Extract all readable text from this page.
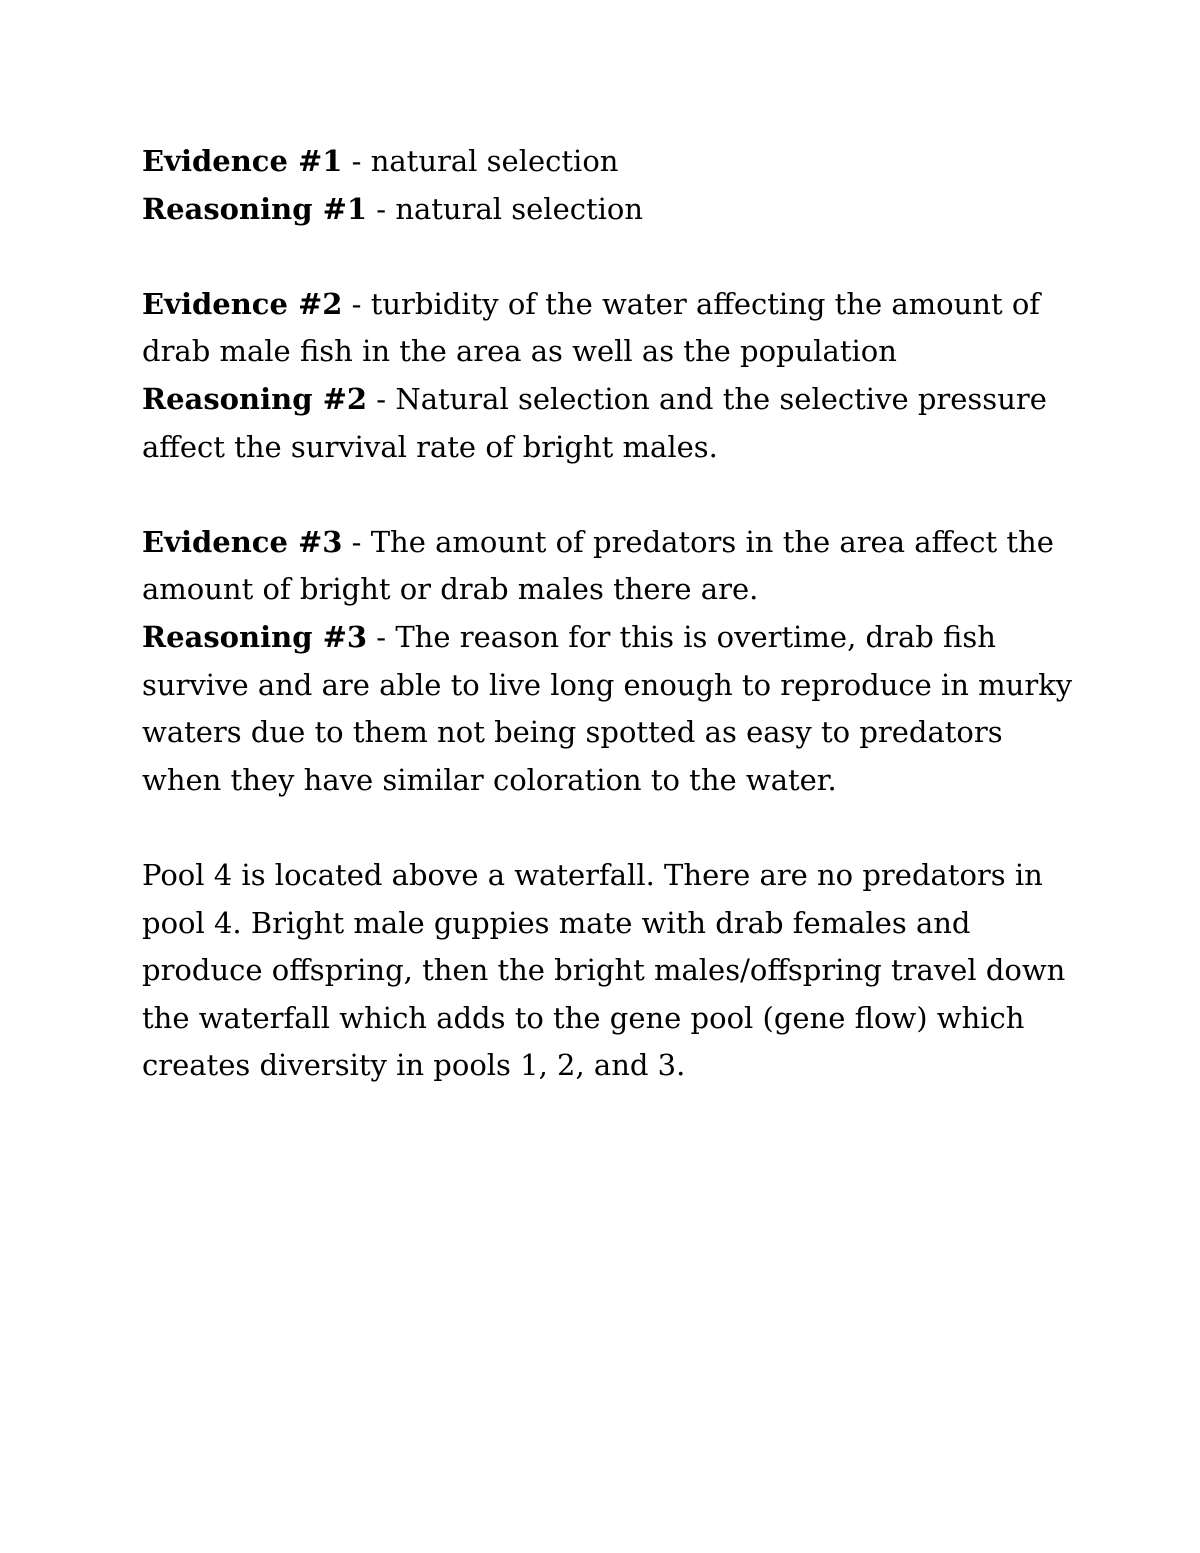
Evidence #1 - natural selection

Reasoning #1 - natural selection

Evidence #2 - turbidity of the water affecting the amount of drab male fish in the area as well as the population

Reasoning #2 - Natural selection and the selective pressure affect the survival rate of bright males.

Evidence #3 - The amount of predators in the area affect the amount of bright or drab males there are.

Reasoning #3 - The reason for this is overtime, drab fish survive and are able to live long enough to reproduce in murky waters due to them not being spotted as easy to predators when they have similar coloration to the water.

Pool 4 is located above a waterfall. There are no predators in pool 4. Bright male guppies mate with drab females and produce offspring, then the bright males/offspring travel down the waterfall which adds to the gene pool (gene flow) which creates diversity in pools 1, 2, and 3.
